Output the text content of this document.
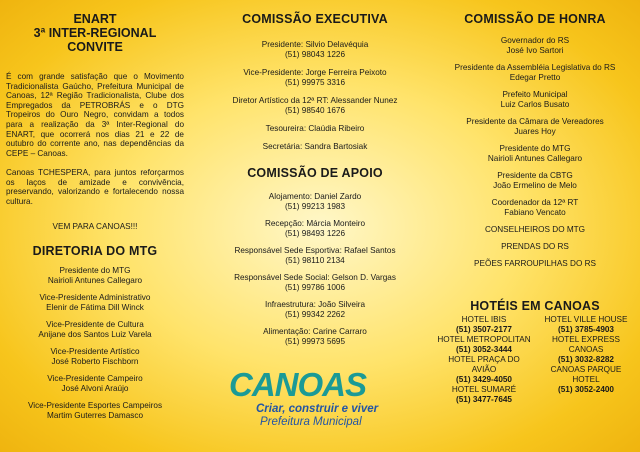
ENART
3ª INTER-REGIONAL
CONVITE

É com grande satisfação que o Movimento Tradicionalista Gaúcho, Prefeitura Municipal de Canoas, 12ª Região Tradicionalista, Clube dos Empregados da PETROBRÁS e o DTG Tropeiros do Ouro Negro, convidam a todos para a realização da 3ª Inter-Regional do ENART, que ocorrerá nos dias 21 e 22 de outubro do corrente ano, nas dependências da CEPE – Canoas.

Canoas TCHESPERA, para juntos reforçarmos os laços de amizade e convivência, preservando, valorizando e fortalecendo nossa cultura.

VEM PARA CANOAS!!!

DIRETORIA DO MTG
Presidente do MTG
Nairioli Antunes Callegaro
Vice-Presidente Administrativo
Elenir de Fátima Dill Winck
Vice-Presidente de Cultura
Anijane dos Santos Luiz Varela
Vice-Presidente Artístico
José Roberto Fischborn
Vice-Presidente Campeiro
José Alvoni Araújo
Vice-Presidente Esportes Campeiros
Martim Guterres Damasco
COMISSÃO EXECUTIVA
Presidente: Silvio Delavéquia
(51) 98043 1226
Vice-Presidente: Jorge Ferreira Peixoto
(51) 99975 3316
Diretor Artístico da 12ª RT: Alessander Nunez
(51) 98540 1676
Tesoureira: Claúdia Ribeiro
Secretária: Sandra Bartosiak
COMISSÃO DE APOIO
Alojamento: Daniel Zardo
(51) 99213 1983
Recepção: Márcia Monteiro
(51) 98493 1226
Responsável Sede Esportiva: Rafael Santos
(51) 98110 2134
Responsável Sede Social: Gelson D. Vargas
(51) 99786 1006
Infraestrutura: João Silveira
(51) 99342 2262
Alimentação: Carine Carraro
(51) 99973 5695
CANOAS
Criar, construir e viver
Prefeitura Municipal
COMISSÃO DE HONRA
Governador do RS
José Ivo Sartori
Presidente da Assembléia Legislativa do RS
Edegar Pretto
Prefeito Municipal
Luiz Carlos Busato
Presidente da Câmara de Vereadores
Juares Hoy
Presidente do MTG
Nairioli Antunes Callegaro
Presidente da CBTG
João Ermelino de Melo
Coordenador da 12ª RT
Fabiano Vencato
CONSELHEIROS DO MTG
PRENDAS DO RS
PEÕES FARROUPILHAS DO RS
HOTÉIS EM CANOAS
HOTEL IBIS
(51) 3507-2177
HOTEL METROPOLITAN
(51) 3052-3444
HOTEL PRAÇA DO AVIÃO
(51) 3429-4050
HOTEL SUMARÉ
(51) 3477-7645
HOTEL VILLE HOUSE
(51) 3785-4903
HOTEL EXPRESS CANOAS
(51) 3032-8282
CANOAS PARQUE HOTEL
(51) 3052-2400
